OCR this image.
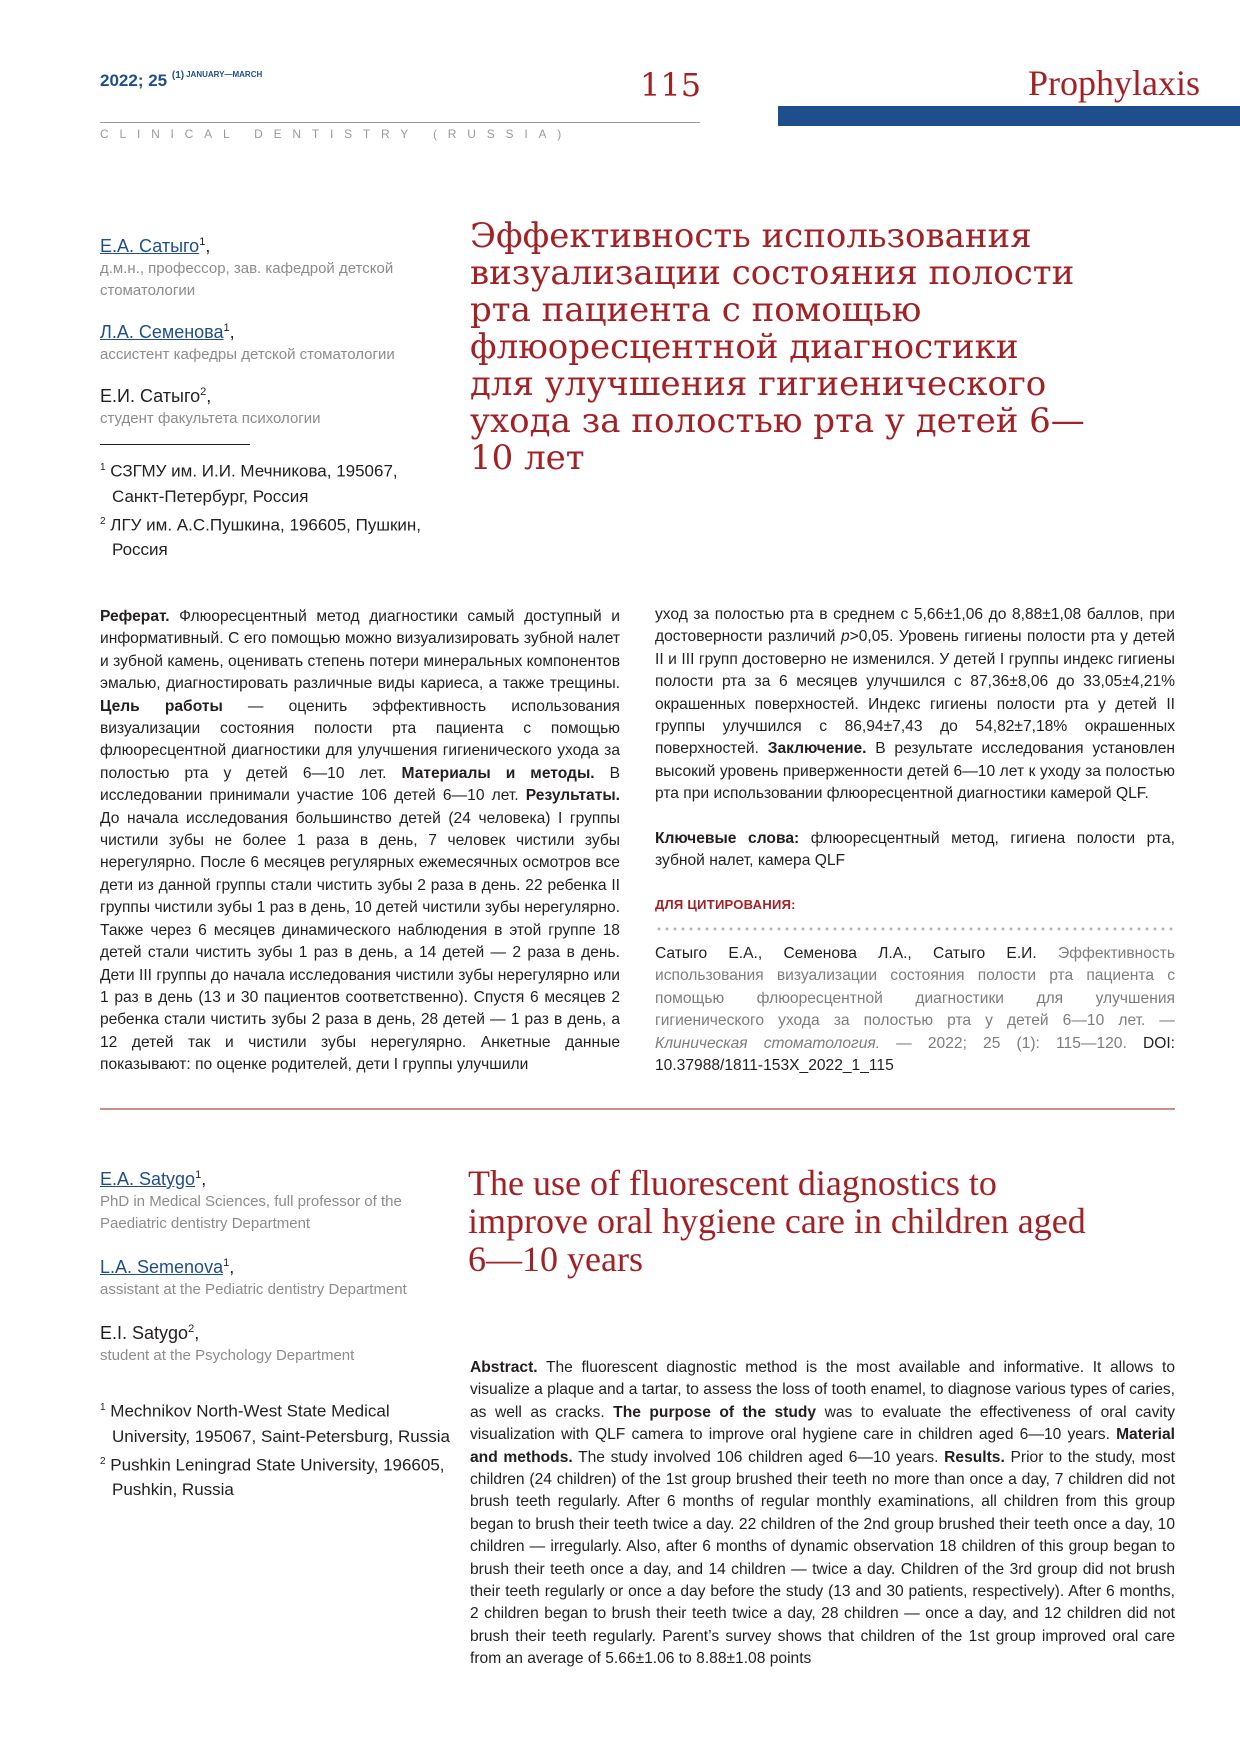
2022; 25 $^{(1)}$ $^{JANUARY—MARCH}$	115
CLINICAL DENTISTRY (RUSSIA)
Prophylaxis
Е.А. Сатыго$^1$,
д.м.н., профессор, зав. кафедрой детской стоматологии
Л.А. Семенова$^1$,
ассистент кафедры детской стоматологии
Е.И. Сатыго$^2$,
студент факультета психологии
$^1$ СЗГМУ им. И.И. Мечникова, 195067, Санкт-Петербург, Россия
$^2$ ЛГУ им. А.С.Пушкина, 196605, Пушкин, Россия
Эффективность использования визуализации состояния полости рта пациента с помощью флюоресцентной диагностики для улучшения гигиенического ухода за полостью рта у детей 6—10 лет
Реферат. Флюоресцентный метод диагностики самый доступный и информативный. С его помощью можно визуализировать зубной налет и зубной камень, оценивать степень потери минеральных компонентов эмалью, диагностировать различные виды кариеса, а также трещины. Цель работы — оценить эффективность использования визуализации состояния полости рта пациента с помощью флюоресцентной диагностики для улучшения гигиенического ухода за полостью рта у детей 6—10 лет. Материалы и методы. В исследовании принимали участие 106 детей 6—10 лет. Результаты. До начала исследования большинство детей (24 человека) I группы чистили зубы не более 1 раза в день, 7 человек чистили зубы нерегулярно. После 6 месяцев регулярных ежемесячных осмотров все дети из данной группы стали чистить зубы 2 раза в день. 22 ребенка II группы чистили зубы 1 раз в день, 10 детей чистили зубы нерегулярно. Также через 6 месяцев динамического наблюдения в этой группе 18 детей стали чистить зубы 1 раз в день, а 14 детей — 2 раза в день. Дети III группы до начала исследования чистили зубы нерегулярно или 1 раз в день (13 и 30 пациентов соответственно). Спустя 6 месяцев 2 ребенка стали чистить зубы 2 раза в день, 28 детей — 1 раз в день, а 12 детей так и чистили зубы нерегулярно. Анкетные данные показывают: по оценке родителей, дети I группы улучшили
уход за полостью рта в среднем с 5,66±1,06 до 8,88±1,08 баллов, при достоверности различий p>0,05. Уровень гигиены полости рта у детей II и III групп достоверно не изменился. У детей I группы индекс гигиены полости рта за 6 месяцев улучшился с 87,36±8,06 до 33,05±4,21% окрашенных поверхностей. Индекс гигиены полости рта у детей II группы улучшился с 86,94±7,43 до 54,82±7,18% окрашенных поверхностей. Заключение. В результате исследования установлен высокий уровень приверженности детей 6—10 лет к уходу за полостью рта при использовании флюоресцентной диагностики камерой QLF.
Ключевые слова: флюоресцентный метод, гигиена полости рта, зубной налет, камера QLF
ДЛЯ ЦИТИРОВАНИЯ:
Сатыго Е.А., Семенова Л.А., Сатыго Е.И. Эффективность использования визуализации состояния полости рта пациента с помощью флюоресцентной диагностики для улучшения гигиенического ухода за полостью рта у детей 6—10 лет. — Клиническая стоматология. — 2022; 25 (1): 115—120. DOI: 10.37988/1811-153X_2022_1_115
E.A. Satygo$^1$,
PhD in Medical Sciences, full professor of the Paediatric dentistry Department
L.A. Semenova$^1$,
assistant at the Pediatric dentistry Department
E.I. Satygo$^2$,
student at the Psychology Department
$^1$ Mechnikov North-West State Medical University, 195067, Saint-Petersburg, Russia
$^2$ Pushkin Leningrad State University, 196605, Pushkin, Russia
The use of fluorescent diagnostics to improve oral hygiene care in children aged 6—10 years
Abstract. The fluorescent diagnostic method is the most available and informative. It allows to visualize a plaque and a tartar, to assess the loss of tooth enamel, to diagnose various types of caries, as well as cracks. The purpose of the study was to evaluate the effectiveness of oral cavity visualization with QLF camera to improve oral hygiene care in children aged 6—10 years. Material and methods. The study involved 106 children aged 6—10 years. Results. Prior to the study, most children (24 children) of the 1st group brushed their teeth no more than once a day, 7 children did not brush teeth regularly. After 6 months of regular monthly examinations, all children from this group began to brush their teeth twice a day. 22 children of the 2nd group brushed their teeth once a day, 10 children — irregularly. Also, after 6 months of dynamic observation 18 children of this group began to brush their teeth once a day, and 14 children — twice a day. Children of the 3rd group did not brush their teeth regularly or once a day before the study (13 and 30 patients, respectively). After 6 months, 2 children began to brush their teeth twice a day, 28 children — once a day, and 12 children did not brush their teeth regularly. Parent’s survey shows that children of the 1st group improved oral care from an average of 5.66±1.06 to 8.88±1.08 points
